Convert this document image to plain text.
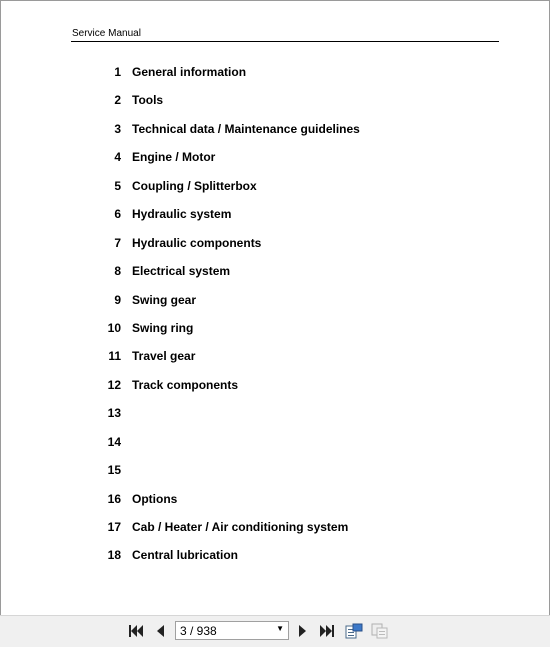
Service Manual
1 General information
2 Tools
3 Technical data / Maintenance guidelines
4 Engine / Motor
5 Coupling / Splitterbox
6 Hydraulic system
7 Hydraulic components
8 Electrical system
9 Swing gear
10 Swing ring
11 Travel gear
12 Track components
13
14
15
16 Options
17 Cab / Heater / Air conditioning system
18 Central lubrication
3 / 938	▼
